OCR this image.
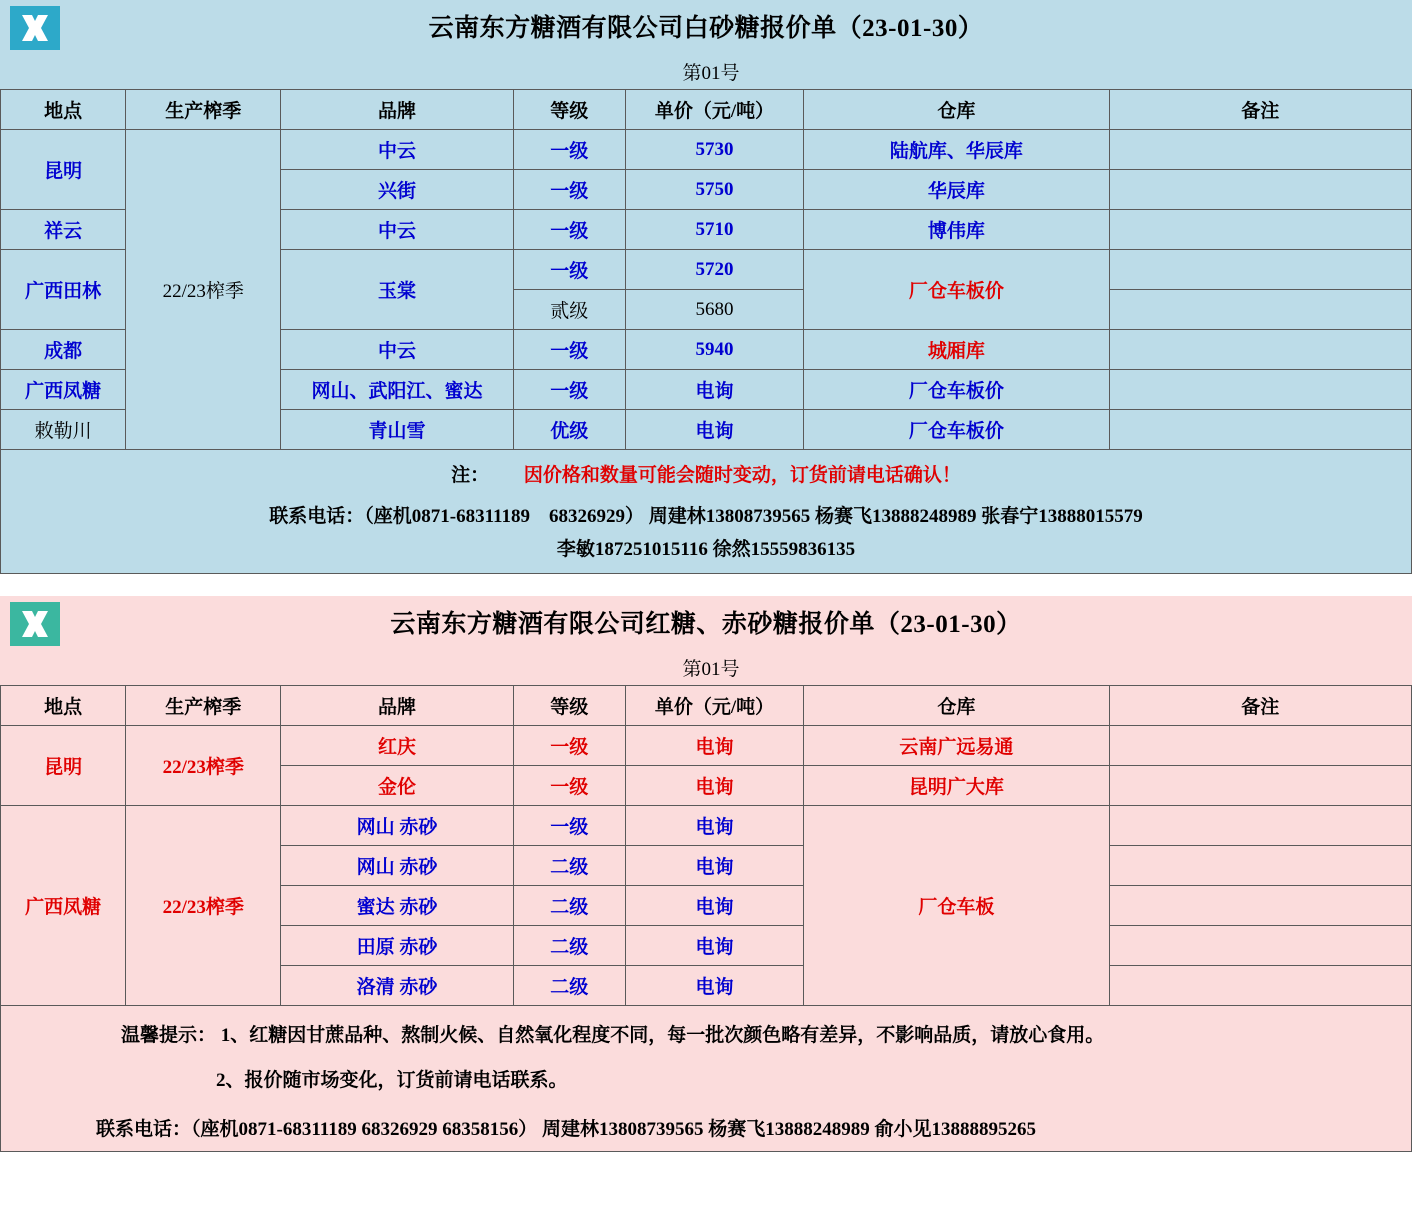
云南东方糖酒有限公司白砂糖报价单（23-01-30）
第01号
地点	生产榨季	品牌	等级	单价（元/吨）	仓库	备注
昆明	22/23榨季	中云	一级	5730	陆航库、华辰库	
		兴街	一级	5750	华辰库	
祥云		中云	一级	5710	博伟库	
广西田林		玉棠	一级	5720	厂仓车板价	
			贰级	5680		
成都		中云	一级	5940	城厢库	
广西凤糖		网山、武阳江、蜜达	一级	电询	厂仓车板价	
敕勒川		青山雪	优级	电询	厂仓车板价	
注： 因价格和数量可能会随时变动，订货前请电话确认！
联系电话：（座机0871-68311189　68326929） 周建林13808739565 杨赛飞13888248989 张春宁13888015579
李敏187251015116 徐然15559836135
云南东方糖酒有限公司红糖、赤砂糖报价单（23-01-30）
第01号
地点	生产榨季	品牌	等级	单价（元/吨）	仓库	备注
昆明	22/23榨季	红庆	一级	电询	云南广远易通	
		金伦	一级	电询	昆明广大库	
广西凤糖	22/23榨季	网山 赤砂	一级	电询	厂仓车板	
		网山 赤砂	二级	电询		
		蜜达 赤砂	二级	电询		
		田原 赤砂	二级	电询		
		洛清 赤砂	二级	电询		
温馨提示： 1、红糖因甘蔗品种、熬制火候、自然氧化程度不同，每一批次颜色略有差异，不影响品质，请放心食用。
2、报价随市场变化，订货前请电话联系。
联系电话：（座机0871-68311189 68326929 68358156） 周建林13808739565 杨赛飞13888248989 俞小见13888895265
